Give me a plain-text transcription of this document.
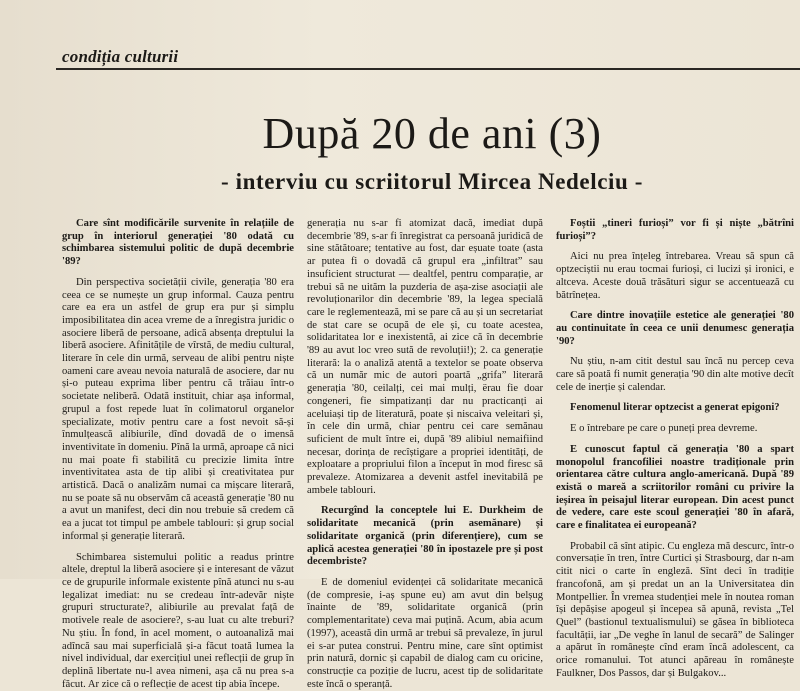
condiția culturii
După 20 de ani (3)
- interviu cu scriitorul Mircea Nedelciu -

Care sînt modificările survenite în relațiile de grup în interiorul generației '80 odată cu schimbarea sistemului politic de după decembrie '89?

Din perspectiva societății civile, generația '80 era ceea ce se numește un grup informal. Cauza pentru care ea era un astfel de grup era pur și simplu imposibilitatea din acea vreme de a înregistra juridic o asociere liberă de persoane, adică absența dreptului la liberă asociere. Afinitățile de vîrstă, de mediu cultural, literare în cele din urmă, serveau de alibi pentru niște oameni care aveau nevoia naturală de asociere, dar nu și-o puteau exprima liber pentru că trăiau într-o societate neliberă. Odată instituit, chiar așa informal, grupul a fost repede luat în colimatorul organelor specializate, motiv pentru care a fost nevoit să-și înmulțească alibiurile, dînd dovadă de o imensă inventivitate în domeniu. Pînă la urmă, aproape că nici nu mai poate fi stabilită cu precizie limita între inventivitatea asta de tip alibi și creativitatea pur artistică. Dacă o analizăm numai ca mișcare literară, nu se poate să nu observăm că această generație '80 nu a avut un manifest, deci din nou trebuie să credem că ea a jucat tot timpul pe ambele tablouri: și grup social informal și generație literară.

Schimbarea sistemului politic a readus printre altele, dreptul la liberă asociere și e interesant de văzut ce de grupurile informale existente pînă atunci nu s-au legalizat imediat: nu se credeau într-adevăr niște grupuri structurate?, alibiurile au prevalat față de motivele reale de asociere?, s-au luat cu alte treburi? Nu știu. În fond, în acel moment, o autoanaliză mai adîncă sau mai superficială și-a făcut toată lumea la nivel individual, dar exercițiul unei reflecții de grup în deplină libertate nu-l avea nimeni, așa că nu prea s-a făcut. Ar zice că o reflecție de acest tip abia începe.

generația nu s-ar fi atomizat dacă, imediat după decembrie '89, s-ar fi înregistrat ca persoană juridică de sine stătătoare; tentative au fost, dar eșuate toate (asta ar putea fi o dovadă că grupul era „infiltrat” sau insuficient structurat — dealtfel, pentru comparație, ar trebui să ne uităm la puzderia de așa-zise asociații ale revoluționarilor din decembrie '89, la legea specială care le reglementează, mi se pare că au și un secretariat de stat care se ocupă de ele și, cu toate acestea, solidaritatea lor e inexistentă, ai zice că în decembrie '89 au avut loc vreo sută de revoluții!); 2. ca generație literară: la o analiză atentă a textelor se poate observa că un număr mic de autori poartă „grifa” literară generația '80, ceilalți, cei mai mulți, ërau fie doar congeneri, fie simpatizanți dar nu practicanți ai aceluiași tip de literatură, poate și niscaiva veleitari și, în cele din urmă, chiar pentru cei care semănau suficient de mult între ei, după '89 alibiul nemaifiind necesar, dorința de recîștigare a propriei identități, de exploatare a propriului filon a început în mod firesc să prevaleze. Atomizarea a devenit astfel inevitabilă pe ambele tablouri.

Recurgînd la conceptele lui E. Durkheim de solidaritate mecanică (prin asemănare) și solidaritate organică (prin diferențiere), cum se aplică acestea generației '80 în ipostazele pre și post decembriste?

E de domeniul evidenței că solidaritate mecanică (de compresie, i-aș spune eu) am avut din belșug înainte de '89, solidaritate organică (prin complementaritate) ceva mai puțină. Acum, abia acum (1997), această din urmă ar trebui să prevaleze, în jurul ei s-ar putea construi. Pentru mine, care sînt optimist prin natură, dornic și capabil de dialog cam cu oricine, construcție ca poziție de lucru, acest tip de solidaritate este încă o speranță.

Foștii „tineri furioși” vor fi și niște „bătrîni furioși”?

Aici nu prea înțeleg întrebarea. Vreau să spun că optzeciștii nu erau tocmai furioși, ci lucizi și ironici, e altceva. Aceste două trăsături sigur se accentuează cu bătrînețea.

Care dintre inovațiile estetice ale generației '80 au continuitate în ceea ce unii denumesc generația '90?

Nu știu, n-am citit destul sau încă nu percep ceva care să poată fi numit generația '90 din alte motive decît cele de inerție și calendar.

Fenomenul literar optzecist a generat epigoni?

E o întrebare pe care o puneți prea devreme.

E cunoscut faptul că generația '80 a spart monopolul francofiliei noastre tradiționale prin orientarea către cultura anglo-americană. După '89 există o mareă a scriitorilor români cu privire la ieșirea în peisajul literar european. Din acest punct de vedere, care este scoul generației '80 în afară, care e finalitatea ei europeană?

Probabil că sînt atipic. Cu engleza mă descurc, într-o conversație în tren, între Curtici și Strasbourg, dar n-am citit nici o carte în engleză. Sînt deci în tradiție francofonă, am și predat un an la Universitatea din Montpellier. În vremea studenției mele în noutea roman își depășise apogeul și începea să apună, revista „Tel Quel” (bastionul textualismului) se găsea în biblioteca facultății, iar „De veghe în lanul de secară” de Salinger a apărut în românește cînd eram încă adolescent, ca orice romanului. Tot atunci apăreau în românește Faulkner, Dos Passos, dar și Bulgakov...
